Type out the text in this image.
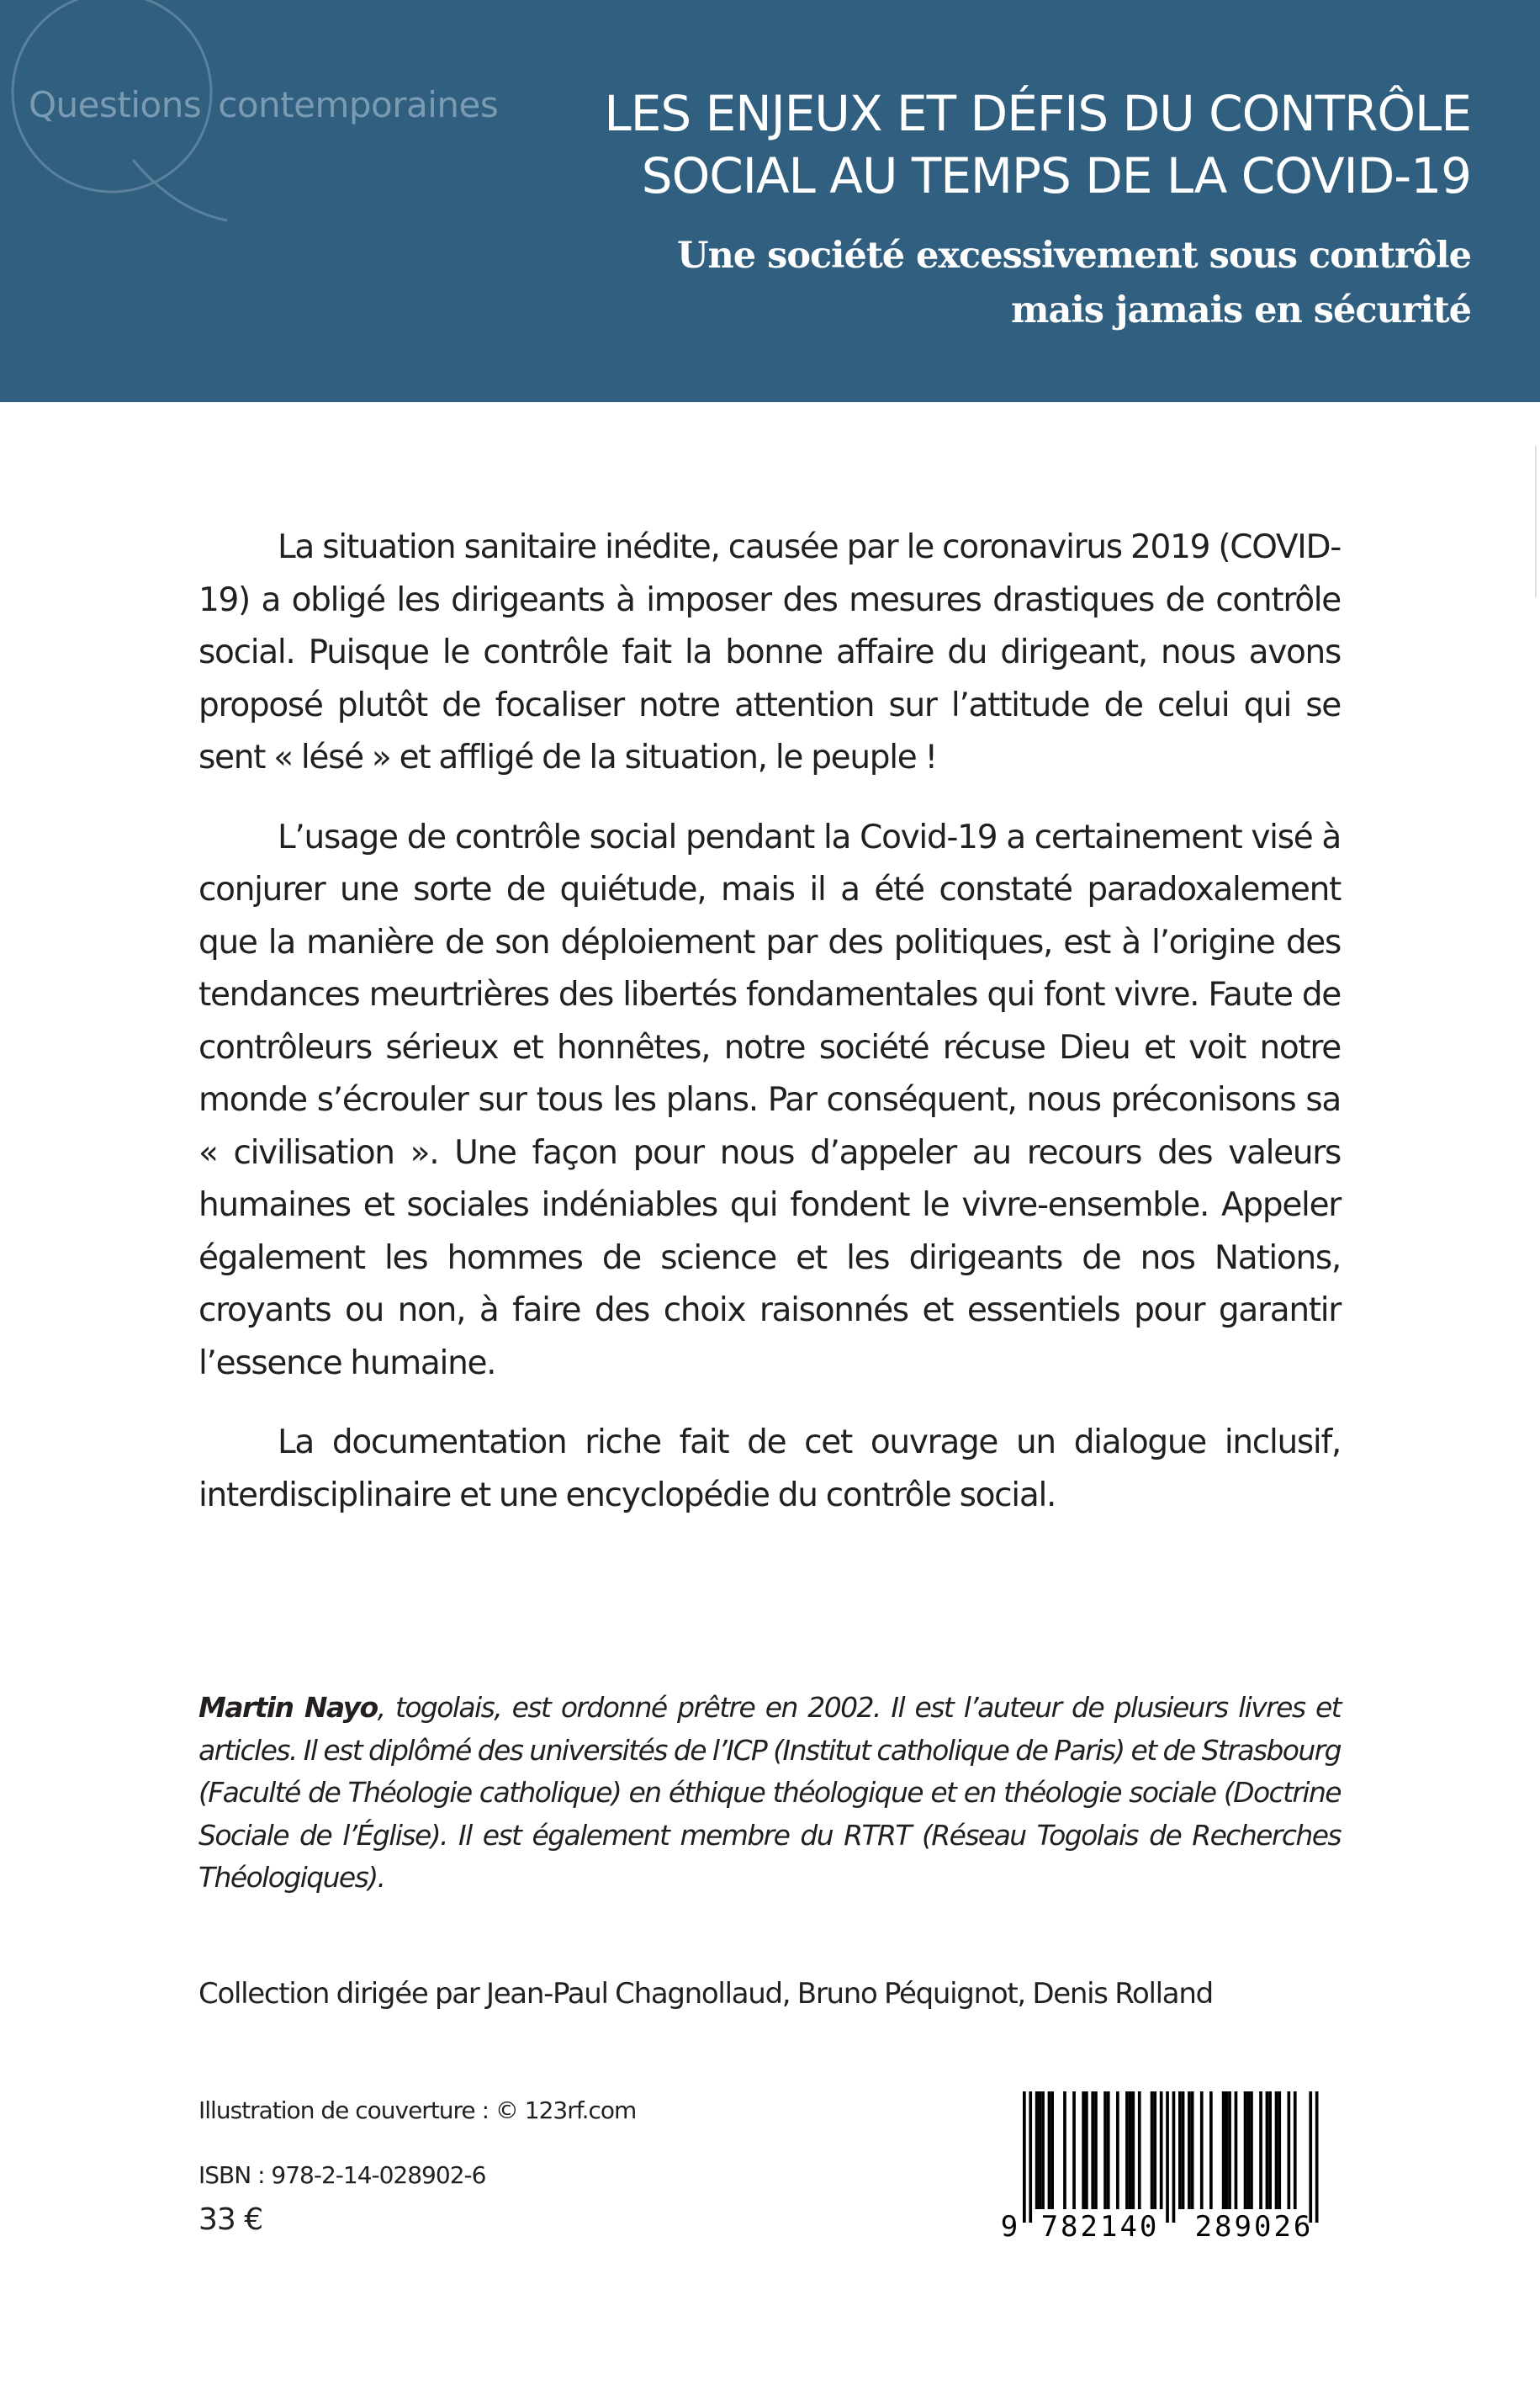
Questions contemporaines LES ENJEUX ET DÉFIS DU CONTRÔLE
SOCIAL AU TEMPS DE LA COVID-19
Une société excessivement sous contrôle
mais jamais en sécurité

La situation sanitaire inédite, causée par le coronavirus 2019 (COVID-19) a obligé les dirigeants à imposer des mesures drastiques de contrôle social. Puisque le contrôle fait la bonne affaire du dirigeant, nous avons proposé plutôt de focaliser notre attention sur l’attitude de celui qui se sent « lésé » et affligé de la situation, le peuple !

L’usage de contrôle social pendant la Covid-19 a certainement visé à conjurer une sorte de quiétude, mais il a été constaté paradoxalement que la manière de son déploiement par des politiques, est à l’origine des tendances meurtrières des libertés fondamentales qui font vivre. Faute de contrôleurs sérieux et honnêtes, notre société récuse Dieu et voit notre monde s’écrouler sur tous les plans. Par conséquent, nous préconisons sa « civilisation ». Une façon pour nous d’appeler au recours des valeurs humaines et sociales indéniables qui fondent le vivre-ensemble. Appeler également les hommes de science et les dirigeants de nos Nations, croyants ou non, à faire des choix raisonnés et essentiels pour garantir l’essence humaine.

La documentation riche fait de cet ouvrage un dialogue inclusif, interdisciplinaire et une encyclopédie du contrôle social.

Martin Nayo, togolais, est ordonné prêtre en 2002. Il est l’auteur de plusieurs livres et articles. Il est diplômé des universités de l’ICP (Institut catholique de Paris) et de Strasbourg (Faculté de Théologie catholique) en éthique théologique et en théologie sociale (Doctrine Sociale de l’Église). Il est également membre du RTRT (Réseau Togolais de Recherches Théologiques).

Collection dirigée par Jean-Paul Chagnollaud, Bruno Péquignot, Denis Rolland
Illustration de couverture : © 123rf.com
ISBN : 978-2-14-028902-6
33 €	9 782140 289026
